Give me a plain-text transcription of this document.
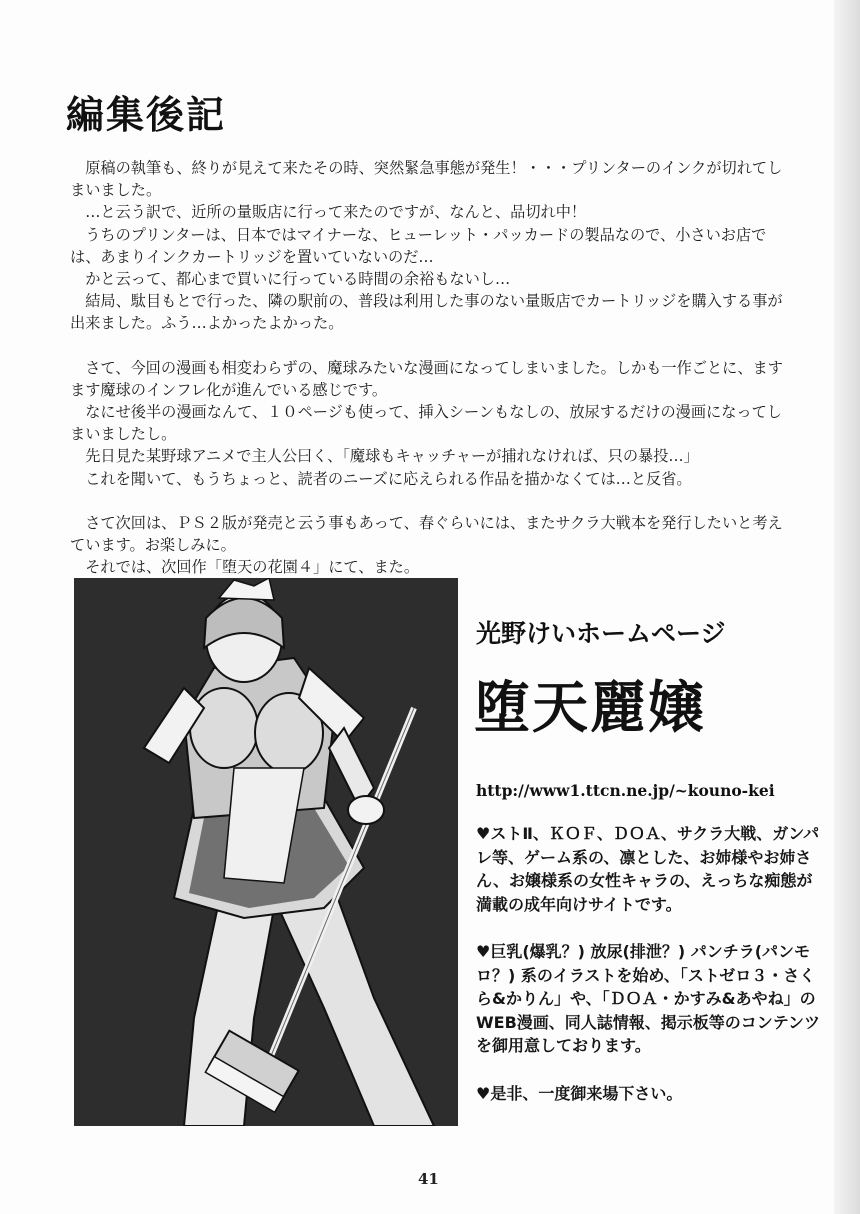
編集後記

　原稿の執筆も、終りが見えて来たその時、突然緊急事態が発生！・・・プリンターのインクが切れてしまいました。

　…と云う訳で、近所の量販店に行って来たのですが、なんと、品切れ中！

　うちのプリンターは、日本ではマイナーな、ヒューレット・パッカードの製品なので、小さいお店では、あまりインクカートリッジを置いていないのだ…

　かと云って、都心まで買いに行っている時間の余裕もないし…

　結局、駄目もとで行った、隣の駅前の、普段は利用した事のない量販店でカートリッジを購入する事が出来ました。ふう…よかったよかった。

　さて、今回の漫画も相変わらずの、魔球みたいな漫画になってしまいました。しかも一作ごとに、ますます魔球のインフレ化が進んでいる感じです。

　なにせ後半の漫画なんて、１０ページも使って、挿入シーンもなしの、放尿するだけの漫画になってしまいましたし。

　先日見た某野球アニメで主人公曰く、「魔球もキャッチャーが捕れなければ、只の暴投…」

　これを聞いて、もうちょっと、読者のニーズに応えられる作品を描かなくては…と反省。

　さて次回は、ＰＳ２版が発売と云う事もあって、春ぐらいには、またサクラ大戦本を発行したいと考えています。お楽しみに。

　それでは、次回作「堕天の花園４」にて、また。

光野けいホームページ
堕天麗嬢
http://www1.ttcn.ne.jp/~kouno-kei

♥ストⅡ、ＫＯＦ、ＤＯＡ、サクラ大戦、ガンパレ等、ゲーム系の、凛とした、お姉様やお姉さん、お嬢様系の女性キャラの、えっちな痴態が満載の成年向けサイトです。

♥巨乳(爆乳？) 放尿(排泄？) パンチラ(パンモロ？) 系のイラストを始め、「ストゼロ３・さくら&かりん」や、「ＤＯＡ・かすみ&あやね」のWEB漫画、同人誌情報、掲示板等のコンテンツを御用意しております。

♥是非、一度御来場下さい。

41
